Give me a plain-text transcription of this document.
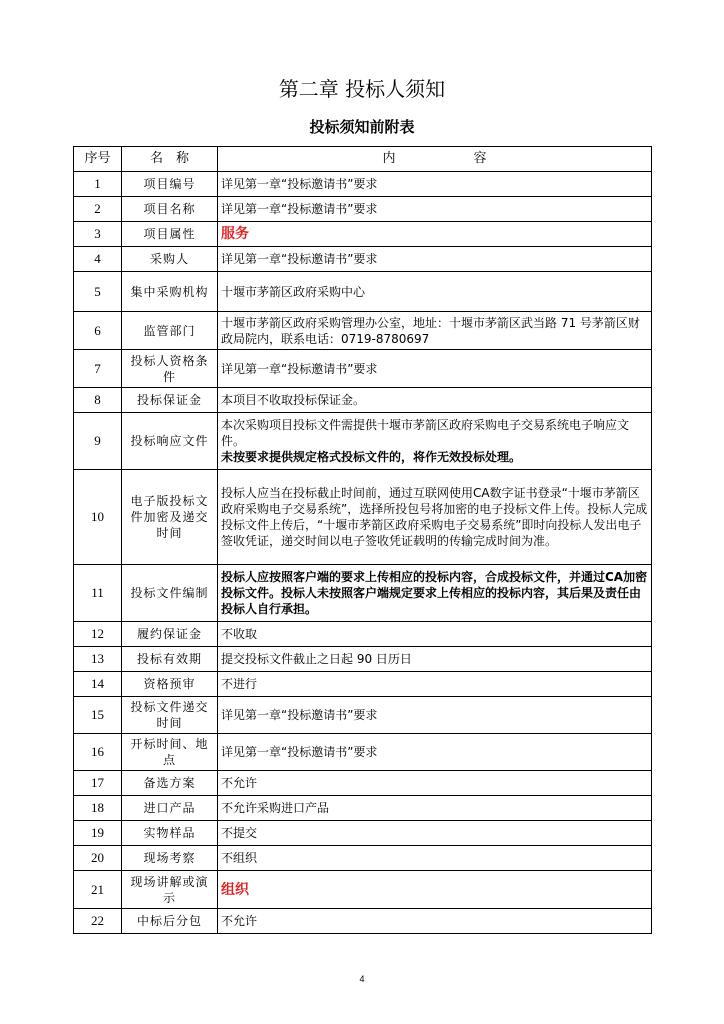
第二章 投标人须知
投标须知前附表
序号	名　称	内　　　　　　容
1	项目编号	详见第一章“投标邀请书”要求
2	项目名称	详见第一章“投标邀请书”要求
3	项目属性	服务
4	采购人	详见第一章“投标邀请书”要求
5	集中采购机构	十堰市茅箭区政府采购中心
6	监管部门	十堰市茅箭区政府采购管理办公室，地址：十堰市茅箭区武当路 71 号茅箭区财政局院内，联系电话：0719-8780697
7	投标人资格条件	详见第一章“投标邀请书”要求
8	投标保证金	本项目不收取投标保证金。
9	投标响应文件	本次采购项目投标文件需提供十堰市茅箭区政府采购电子交易系统电子响应文件。
未按要求提供规定格式投标文件的，将作无效投标处理。

10	电子版投标文件加密及递交时间	投标人应当在投标截止时间前，通过互联网使用CA数字证书登录“十堰市茅箭区政府采购电子交易系统”，选择所投包号将加密的电子投标文件上传。投标人完成投标文件上传后，“十堰市茅箭区政府采购电子交易系统”即时向投标人发出电子签收凭证，递交时间以电子签收凭证载明的传输完成时间为准。
11	投标文件编制	投标人应按照客户端的要求上传相应的投标内容，合成投标文件，并通过CA加密投标文件。投标人未按照客户端规定要求上传相应的投标内容，其后果及责任由投标人自行承担。
12	履约保证金	不收取
13	投标有效期	提交投标文件截止之日起 90 日历日
14	资格预审	不进行
15	投标文件递交时间	详见第一章“投标邀请书”要求
16	开标时间、地点	详见第一章“投标邀请书”要求
17	备选方案	不允许
18	进口产品	不允许采购进口产品
19	实物样品	不提交
20	现场考察	不组织
21	现场讲解或演示	组织
22	中标后分包	不允许
4
